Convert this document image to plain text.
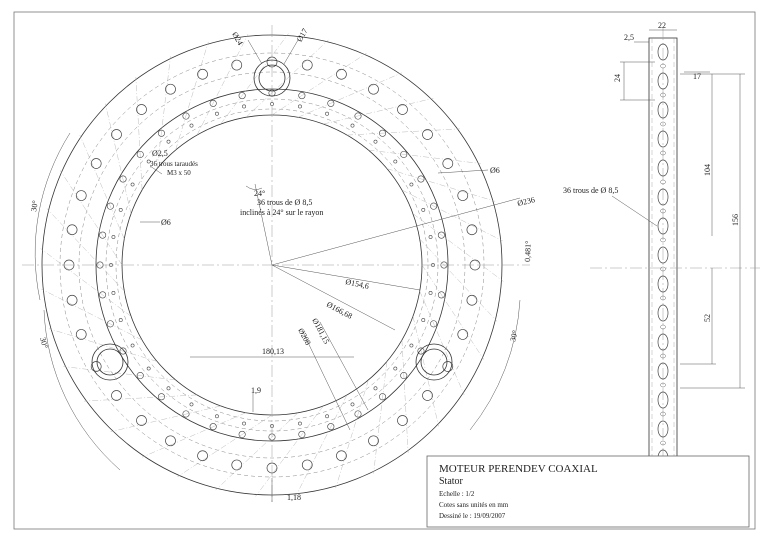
Ø24	Ø17
Ø2,5
36 trous taraudés
M3 x 50
24°
36 trous de Ø 8,5
inclinés à 24° sur le rayon
Ø6
Ø6
Ø236
30°
30°
30°
0,481°
Ø154,6
Ø166,68
Ø181,15
Ø208
180,13
1,9
1,18
22
2,5
24	17
104
156
52
36 trous de Ø 8,5
MOTEUR PERENDEV COAXIAL
Stator
Echelle : 1/2
Cotes sans unités en mm
Dessiné le : 19/09/2007
